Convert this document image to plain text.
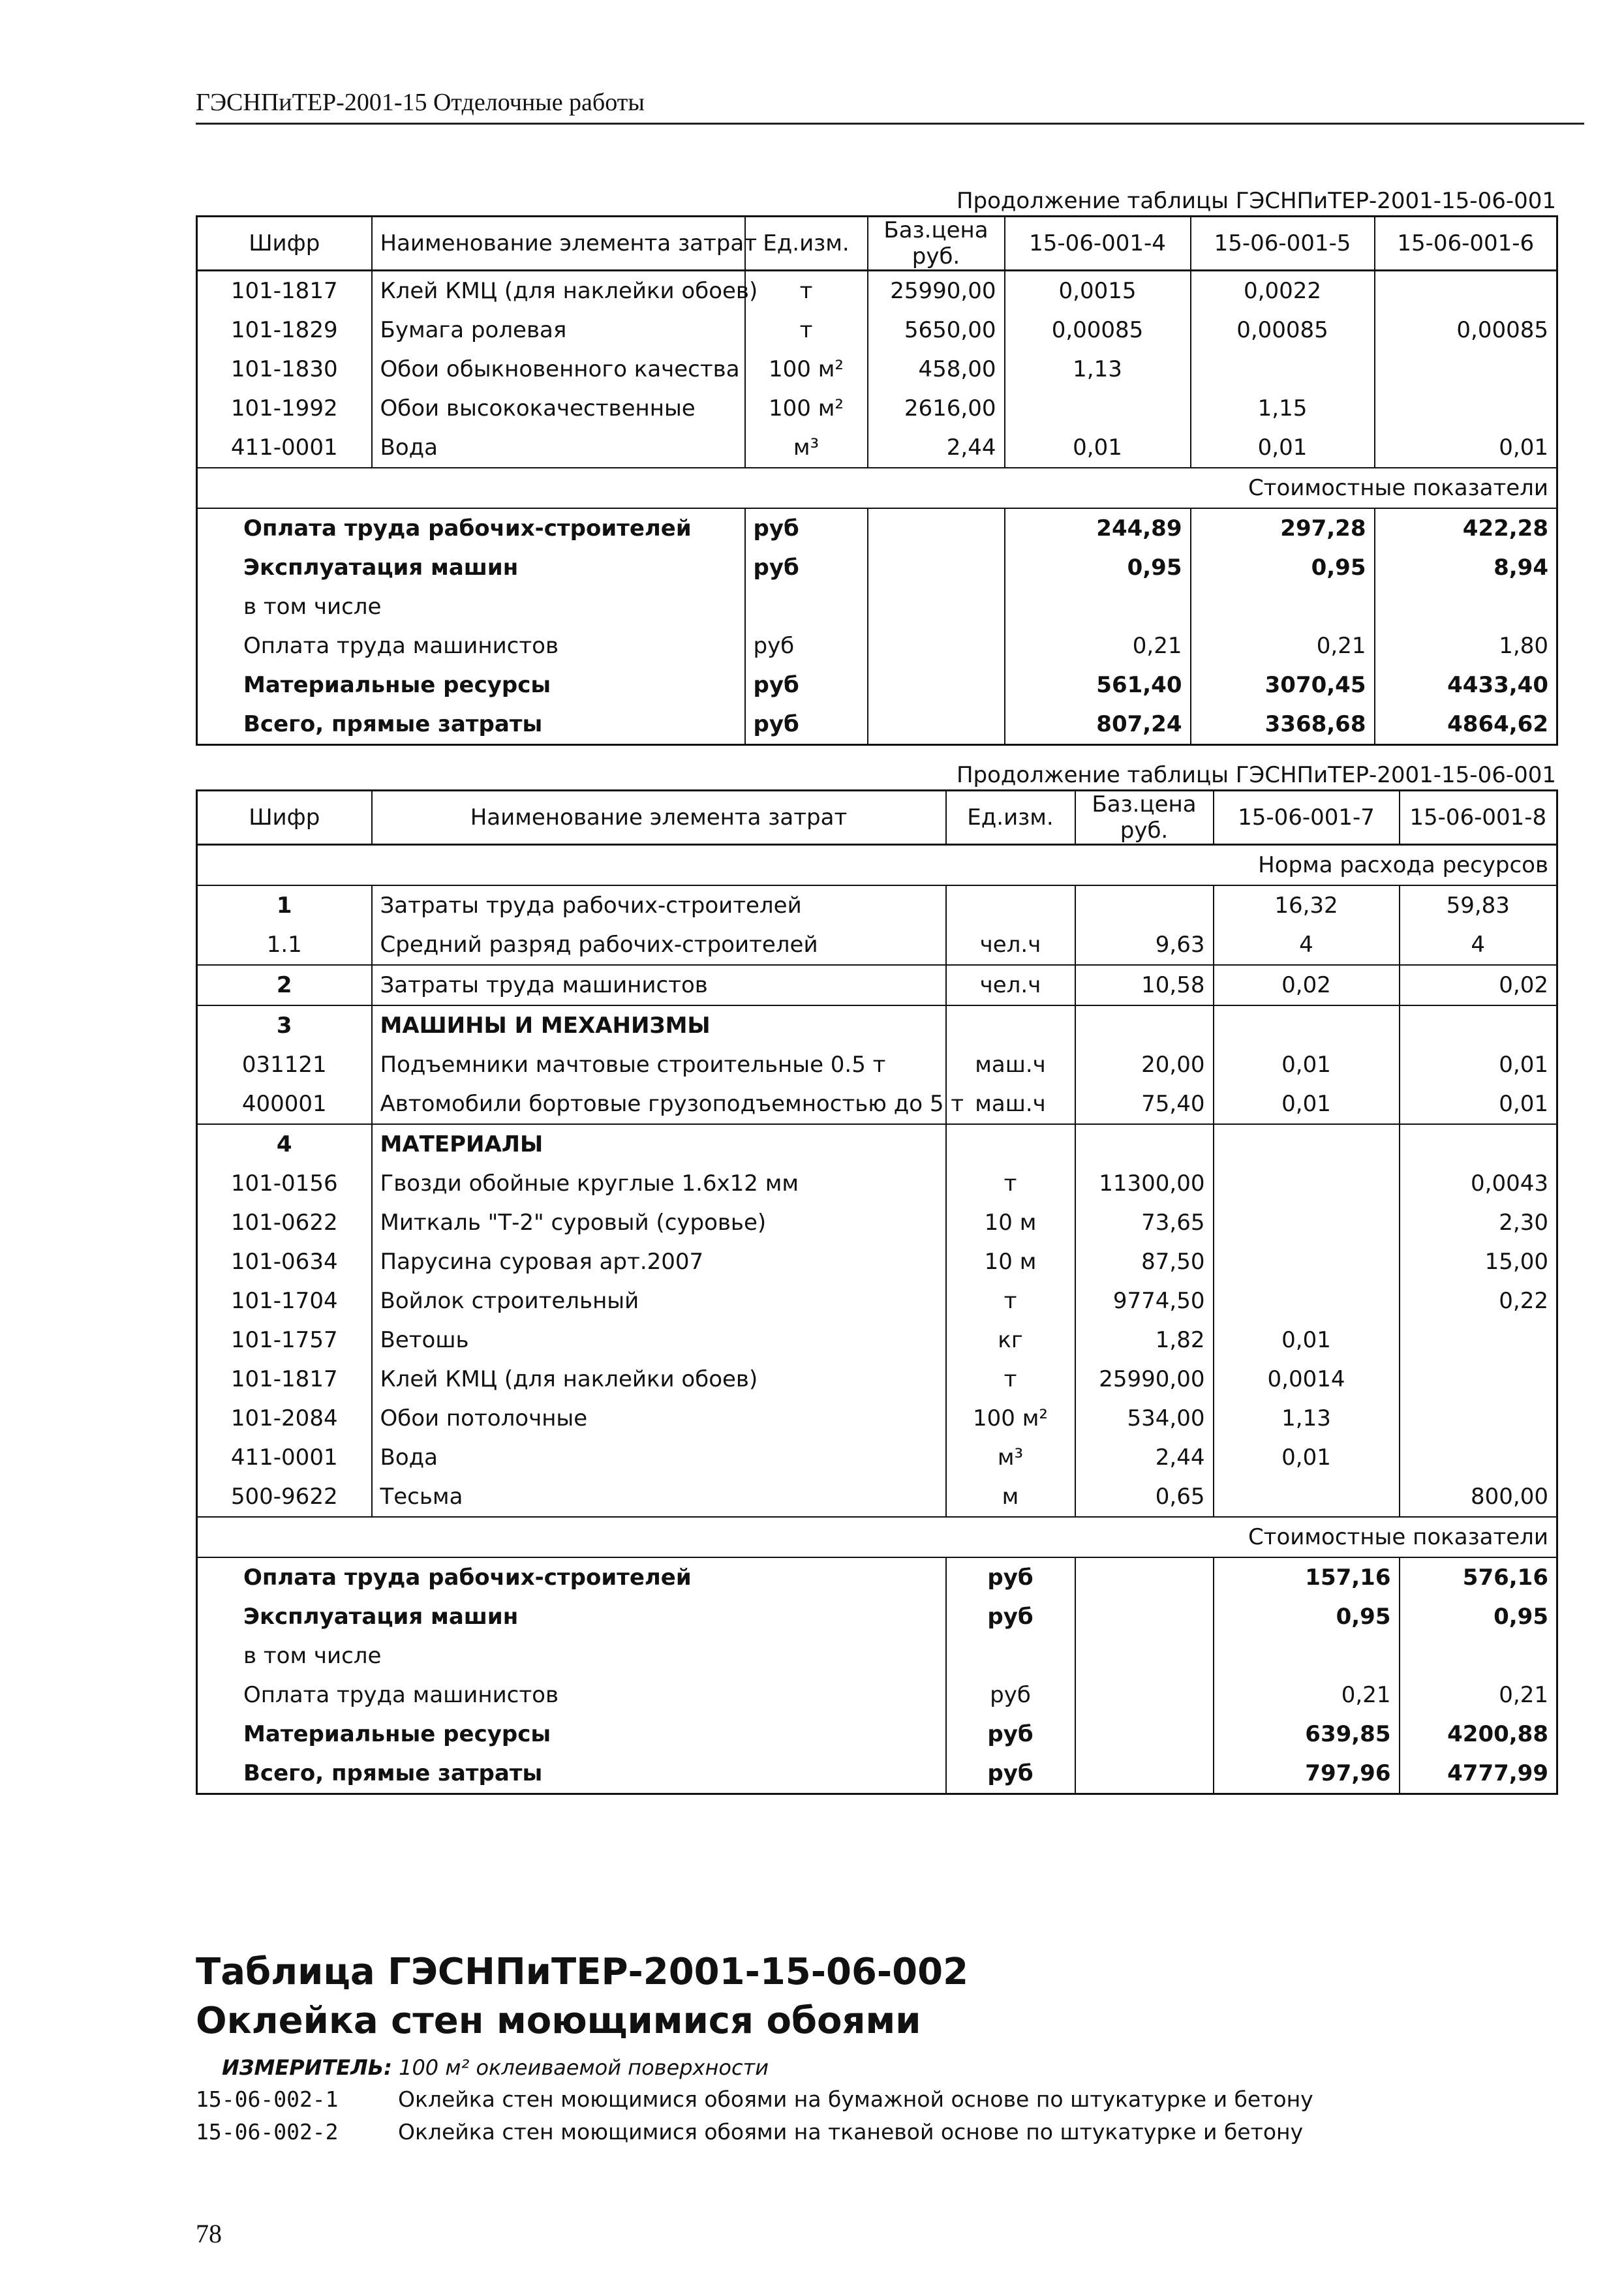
ГЭСНПиТЕР-2001-15 Отделочные работы
Продолжение таблицы ГЭСНПиТЕР-2001-15-06-001
Шифр	Наименование элемента затрат	Ед.изм.	Баз.цена руб.	15-06-001-4	15-06-001-5	15-06-001-6
101-1817	Клей КМЦ (для наклейки обоев)	т	25990,00	0,0015	0,0022	
101-1829	Бумага ролевая	т	5650,00	0,00085	0,00085	0,00085
101-1830	Обои обыкновенного качества	100 м²	458,00	1,13		
101-1992	Обои высококачественные	100 м²	2616,00		1,15	
411-0001	Вода	м³	2,44	0,01	0,01	0,01
Стоимостные показатели						
Оплата труда рабочих-строителей		руб		244,89	297,28	422,28
Эксплуатация машин		руб		0,95	0,95	8,94
в том числе						
Оплата труда машинистов		руб		0,21	0,21	1,80
Материальные ресурсы		руб		561,40	3070,45	4433,40
Всего, прямые затраты		руб		807,24	3368,68	4864,62
Продолжение таблицы ГЭСНПиТЕР-2001-15-06-001
Шифр	Наименование элемента затрат	Ед.изм.	Баз.цена руб.	15-06-001-7	15-06-001-8
Норма расхода ресурсов					
1	Затраты труда рабочих-строителей			16,32	59,83
1.1	Средний разряд рабочих-строителей	чел.ч	9,63	4	4
2	Затраты труда машинистов	чел.ч	10,58	0,02	0,02
3	МАШИНЫ И МЕХАНИЗМЫ				
031121	Подъемники мачтовые строительные 0.5 т	маш.ч	20,00	0,01	0,01
400001	Автомобили бортовые грузоподъемностью до 5 т	маш.ч	75,40	0,01	0,01
4	МАТЕРИАЛЫ				
101-0156	Гвозди обойные круглые 1.6x12 мм	т	11300,00		0,0043
101-0622	Миткаль "Т-2" суровый (суровье)	10 м	73,65		2,30
101-0634	Парусина суровая арт.2007	10 м	87,50		15,00
101-1704	Войлок строительный	т	9774,50		0,22
101-1757	Ветошь	кг	1,82	0,01	
101-1817	Клей КМЦ (для наклейки обоев)	т	25990,00	0,0014	
101-2084	Обои потолочные	100 м²	534,00	1,13	
411-0001	Вода	м³	2,44	0,01	
500-9622	Тесьма	м	0,65		800,00
Стоимостные показатели					
Оплата труда рабочих-строителей		руб		157,16	576,16
Эксплуатация машин		руб		0,95	0,95
в том числе					
Оплата труда машинистов		руб		0,21	0,21
Материальные ресурсы		руб		639,85	4200,88
Всего, прямые затраты		руб		797,96	4777,99
Таблица ГЭСНПиТЕР-2001-15-06-002
Оклейка стен моющимися обоями
ИЗМЕРИТЕЛЬ: 100 м² оклеиваемой поверхности
15-06-002-1	Оклейка стен моющимися обоями на бумажной основе по штукатурке и бетону
15-06-002-2	Оклейка стен моющимися обоями на тканевой основе по штукатурке и бетону
78
